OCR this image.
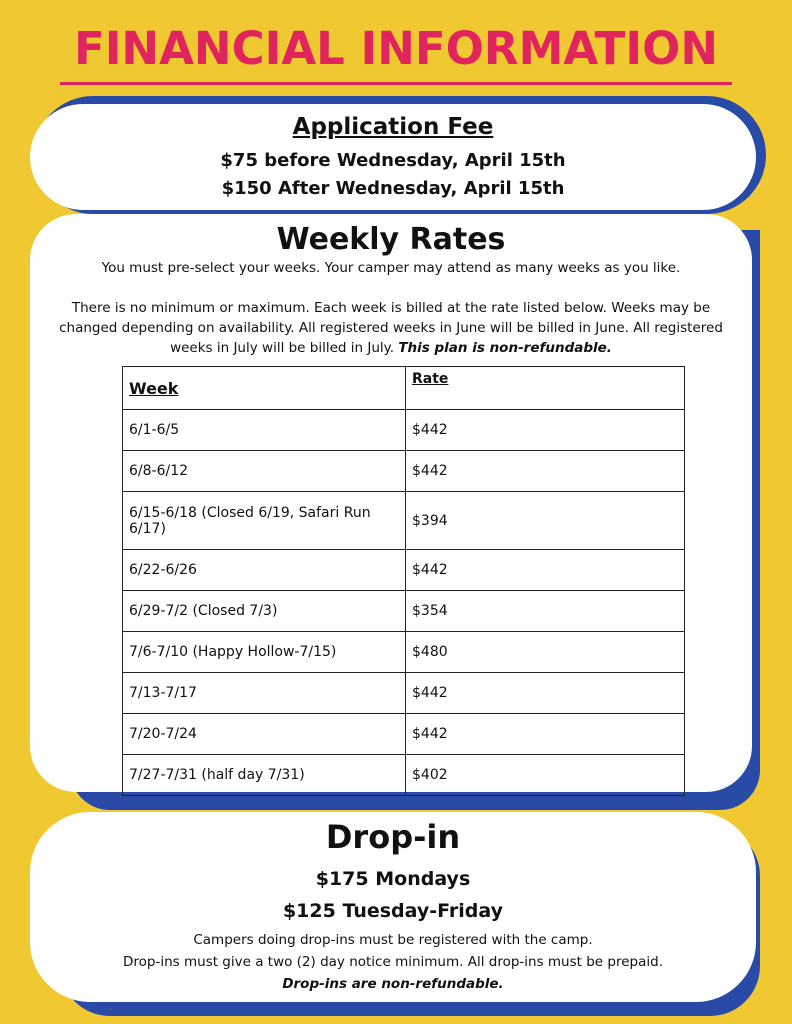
FINANCIAL INFORMATION
Application Fee
$75 before Wednesday, April 15th
$150 After Wednesday, April 15th
Weekly Rates
You must pre-select your weeks. Your camper may attend as many weeks as you like.
There is no minimum or maximum. Each week is billed at the rate listed below. Weeks may be changed depending on availability. All registered weeks in June will be billed in June. All registered weeks in July will be billed in July. This plan is non-refundable.
Week	Rate
6/1-6/5	$442
6/8-6/12	$442
6/15-6/18 (Closed 6/19, Safari Run 6/17)	$394
6/22-6/26	$442
6/29-7/2 (Closed 7/3)	$354
7/6-7/10 (Happy Hollow-7/15)	$480
7/13-7/17	$442
7/20-7/24	$442
7/27-7/31 (half day 7/31)	$402
Drop-in
$175 Mondays
$125 Tuesday-Friday
Campers doing drop-ins must be registered with the camp.
Drop-ins must give a two (2) day notice minimum. All drop-ins must be prepaid.
Drop-ins are non-refundable.
